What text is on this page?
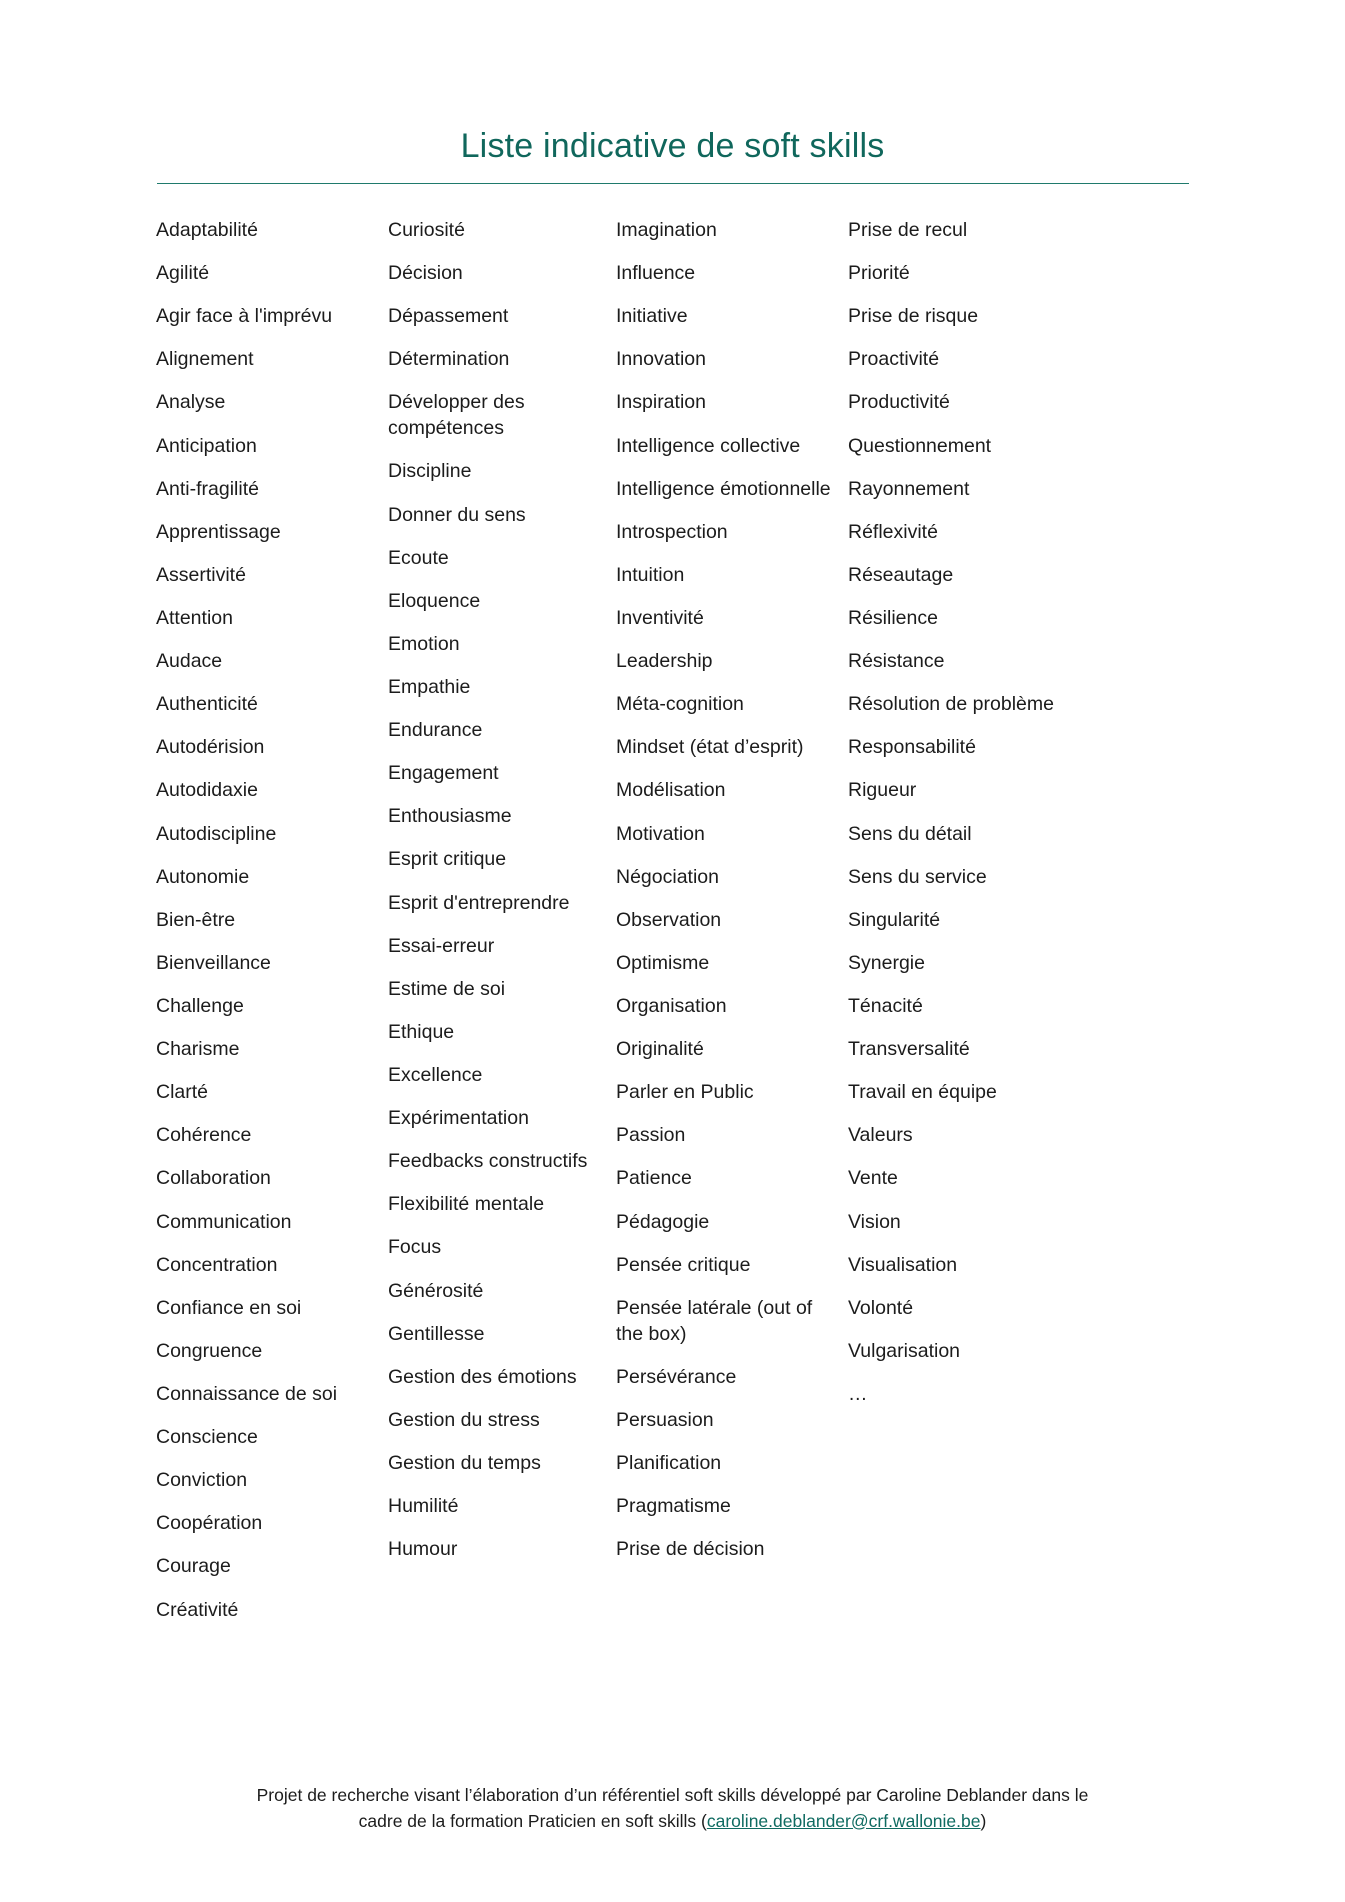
Liste indicative de soft skills
Adaptabilité
Agilité
Agir face à l'imprévu
Alignement
Analyse
Anticipation
Anti-fragilité
Apprentissage
Assertivité
Attention
Audace
Authenticité
Autodérision
Autodidaxie
Autodiscipline
Autonomie
Bien-être
Bienveillance
Challenge
Charisme
Clarté
Cohérence
Collaboration
Communication
Concentration
Confiance en soi
Congruence
Connaissance de soi
Conscience
Conviction
Coopération
Courage
Créativité
Curiosité
Décision
Dépassement
Détermination
Développer des compétences
Discipline
Donner du sens
Ecoute
Eloquence
Emotion
Empathie
Endurance
Engagement
Enthousiasme
Esprit critique
Esprit d'entreprendre
Essai-erreur
Estime de soi
Ethique
Excellence
Expérimentation
Feedbacks constructifs
Flexibilité mentale
Focus
Générosité
Gentillesse
Gestion des émotions
Gestion du stress
Gestion du temps
Humilité
Humour
Imagination
Influence
Initiative
Innovation
Inspiration
Intelligence collective
Intelligence émotionnelle
Introspection
Intuition
Inventivité
Leadership
Méta-cognition
Mindset (état d’esprit)
Modélisation
Motivation
Négociation
Observation
Optimisme
Organisation
Originalité
Parler en Public
Passion
Patience
Pédagogie
Pensée critique
Pensée latérale (out of the box)
Persévérance
Persuasion
Planification
Pragmatisme
Prise de décision
Prise de recul
Priorité
Prise de risque
Proactivité
Productivité
Questionnement
Rayonnement
Réflexivité
Réseautage
Résilience
Résistance
Résolution de problème
Responsabilité
Rigueur
Sens du détail
Sens du service
Singularité
Synergie
Ténacité
Transversalité
Travail en équipe
Valeurs
Vente
Vision
Visualisation
Volonté
Vulgarisation
…
Projet de recherche visant l’élaboration d’un référentiel soft skills développé par Caroline Deblander dans le
cadre de la formation Praticien en soft skills (caroline.deblander@crf.wallonie.be)
